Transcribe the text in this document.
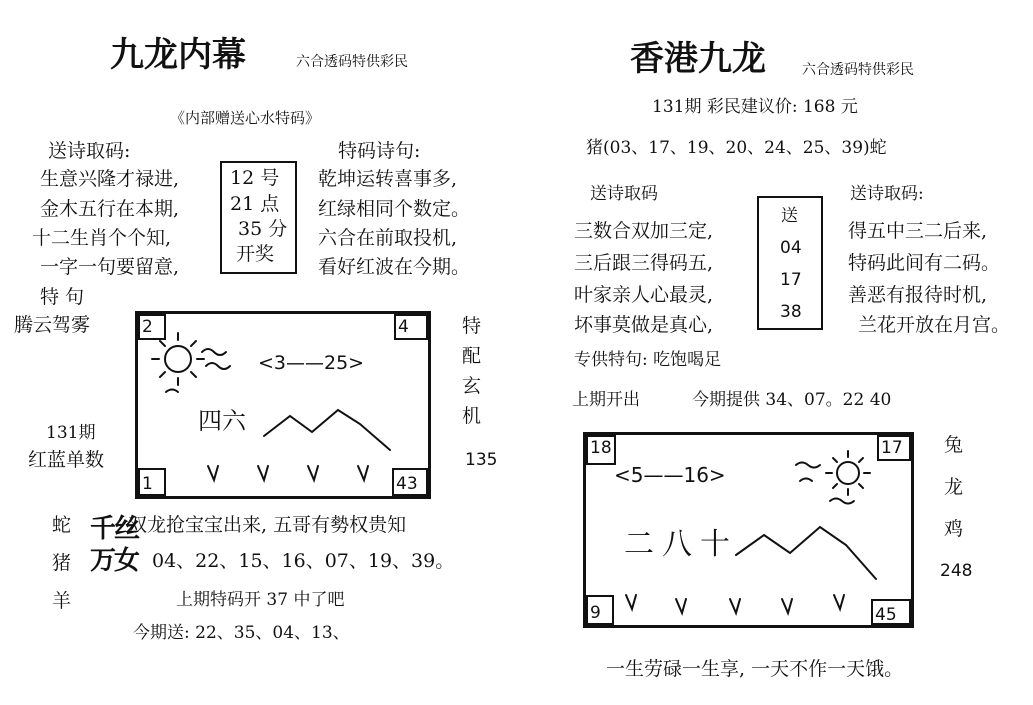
九龙内幕	六合透码特供彩民
《内部赠送心水特码》
送诗取码:
生意兴隆才禄进,
金木五行在本期,
十二生肖个个知,
一字一句要留意,
12 号
21 点
35 分
开奖
特码诗句:
乾坤运转喜事多,
红绿相同个数定。
六合在前取投机,
看好红波在今期。
特 句
腾云驾雾	特
配
玄
机
135
131期
红蓝单数
2	4
1	43
<3——25>
四六
蛇
猪
羊
千丝
万女
双龙抢宝宝出来, 五哥有勢权贵知
04、22、15、16、07、19、39。
上期特码开 37 中了吧
今期送: 22、35、04、13、
香港九龙	六合透码特供彩民
131期 彩民建议价: 168 元
猪(03、17、19、20、24、25、39)蛇
送诗取码	送诗取码:
三数合双加三定,
三后跟三得码五,
叶家亲人心最灵,
坏事莫做是真心,
送
04
17
38
得五中三二后来,
特码此间有二码。
善恶有报待时机,
兰花开放在月宫。
专供特句: 吃饱喝足
上期开出	今期提供 34、07。22 40
18	17
9	45
<5——16>
二八十
兔
龙
鸡
248
一生劳碌一生享, 一天不作一天饿。
